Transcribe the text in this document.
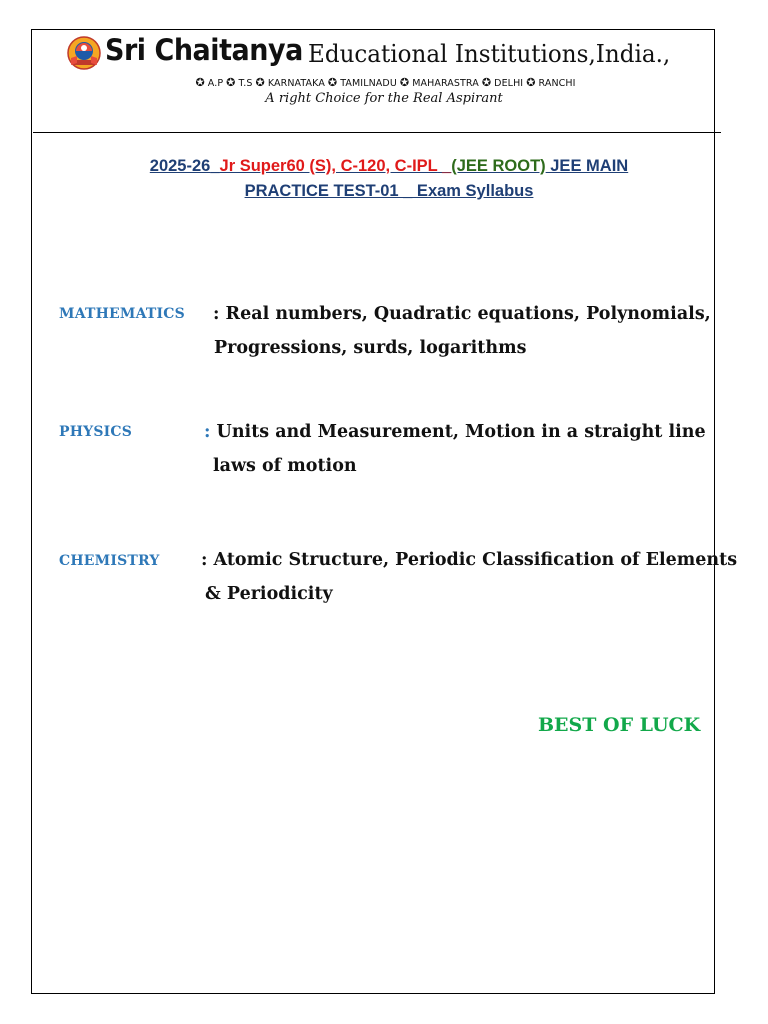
Sri Chaitanya Educational Institutions,India.,
✪ A.P ✪ T.S ✪ KARNATAKA ✪ TAMILNADU ✪ MAHARASTRA ✪ DELHI ✪ RANCHI
A right Choice for the Real Aspirant
2025-26_Jr Super60 (S), C-120, C-IPL _(JEE ROOT) JEE MAIN
PRACTICE TEST-01 _ Exam Syllabus
MATHEMATICS : Real numbers, Quadratic equations, Polynomials,
Progressions, surds, logarithms
PHYSICS	: Units and Measurement, Motion in a straight line
laws of motion
CHEMISTRY : Atomic Structure, Periodic Classification of Elements
& Periodicity
BEST OF LUCK
